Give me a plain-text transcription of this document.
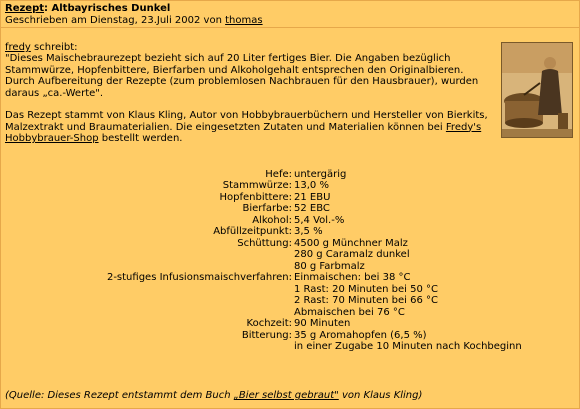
Rezept: Altbayrisches Dunkel
Geschrieben am Dienstag, 23.Juli 2002 von thomas
fredy schreibt:

"Dieses Maischebraurezept bezieht sich auf 20 Liter fertiges Bier. Die Angaben bezüglich Stammwürze, Hopfenbittere, Bierfarben und Alkoholgehalt entsprechen den Originalbieren. Durch Aufbereitung der Rezepte (zum problemlosen Nachbrauen für den Hausbrauer), wurden daraus „ca.-Werte".

Das Rezept stammt von Klaus Kling, Autor von Hobbybrauerbüchern und Hersteller von Bierkits, Malzextrakt und Braumaterialien. Die eingesetzten Zutaten und Materialien können bei Fredy's Hobbybrauer-Shop bestellt werden.

Hefe:	untergärig
Stammwürze:	13,0 %
Hopfenbittere:	21 EBU
Bierfarbe:	52 EBC
Alkohol:	5,4 Vol.-%
Abfüllzeitpunkt:	3,5 %
Schüttung:	4500 g Münchner Malz
	280 g Caramalz dunkel
	80 g Farbmalz
2-stufiges Infusionsmaischverfahren:	Einmaischen: bei 38 °C
	1 Rast: 20 Minuten bei 50 °C
	2 Rast: 70 Minuten bei 66 °C
	Abmaischen bei 76 °C
Kochzeit:	90 Minuten
Bitterung:	35 g Aromahopfen (6,5 %)
	in einer Zugabe 10 Minuten nach Kochbeginn
(Quelle: Dieses Rezept entstammt dem Buch „Bier selbst gebraut" von Klaus Kling)
